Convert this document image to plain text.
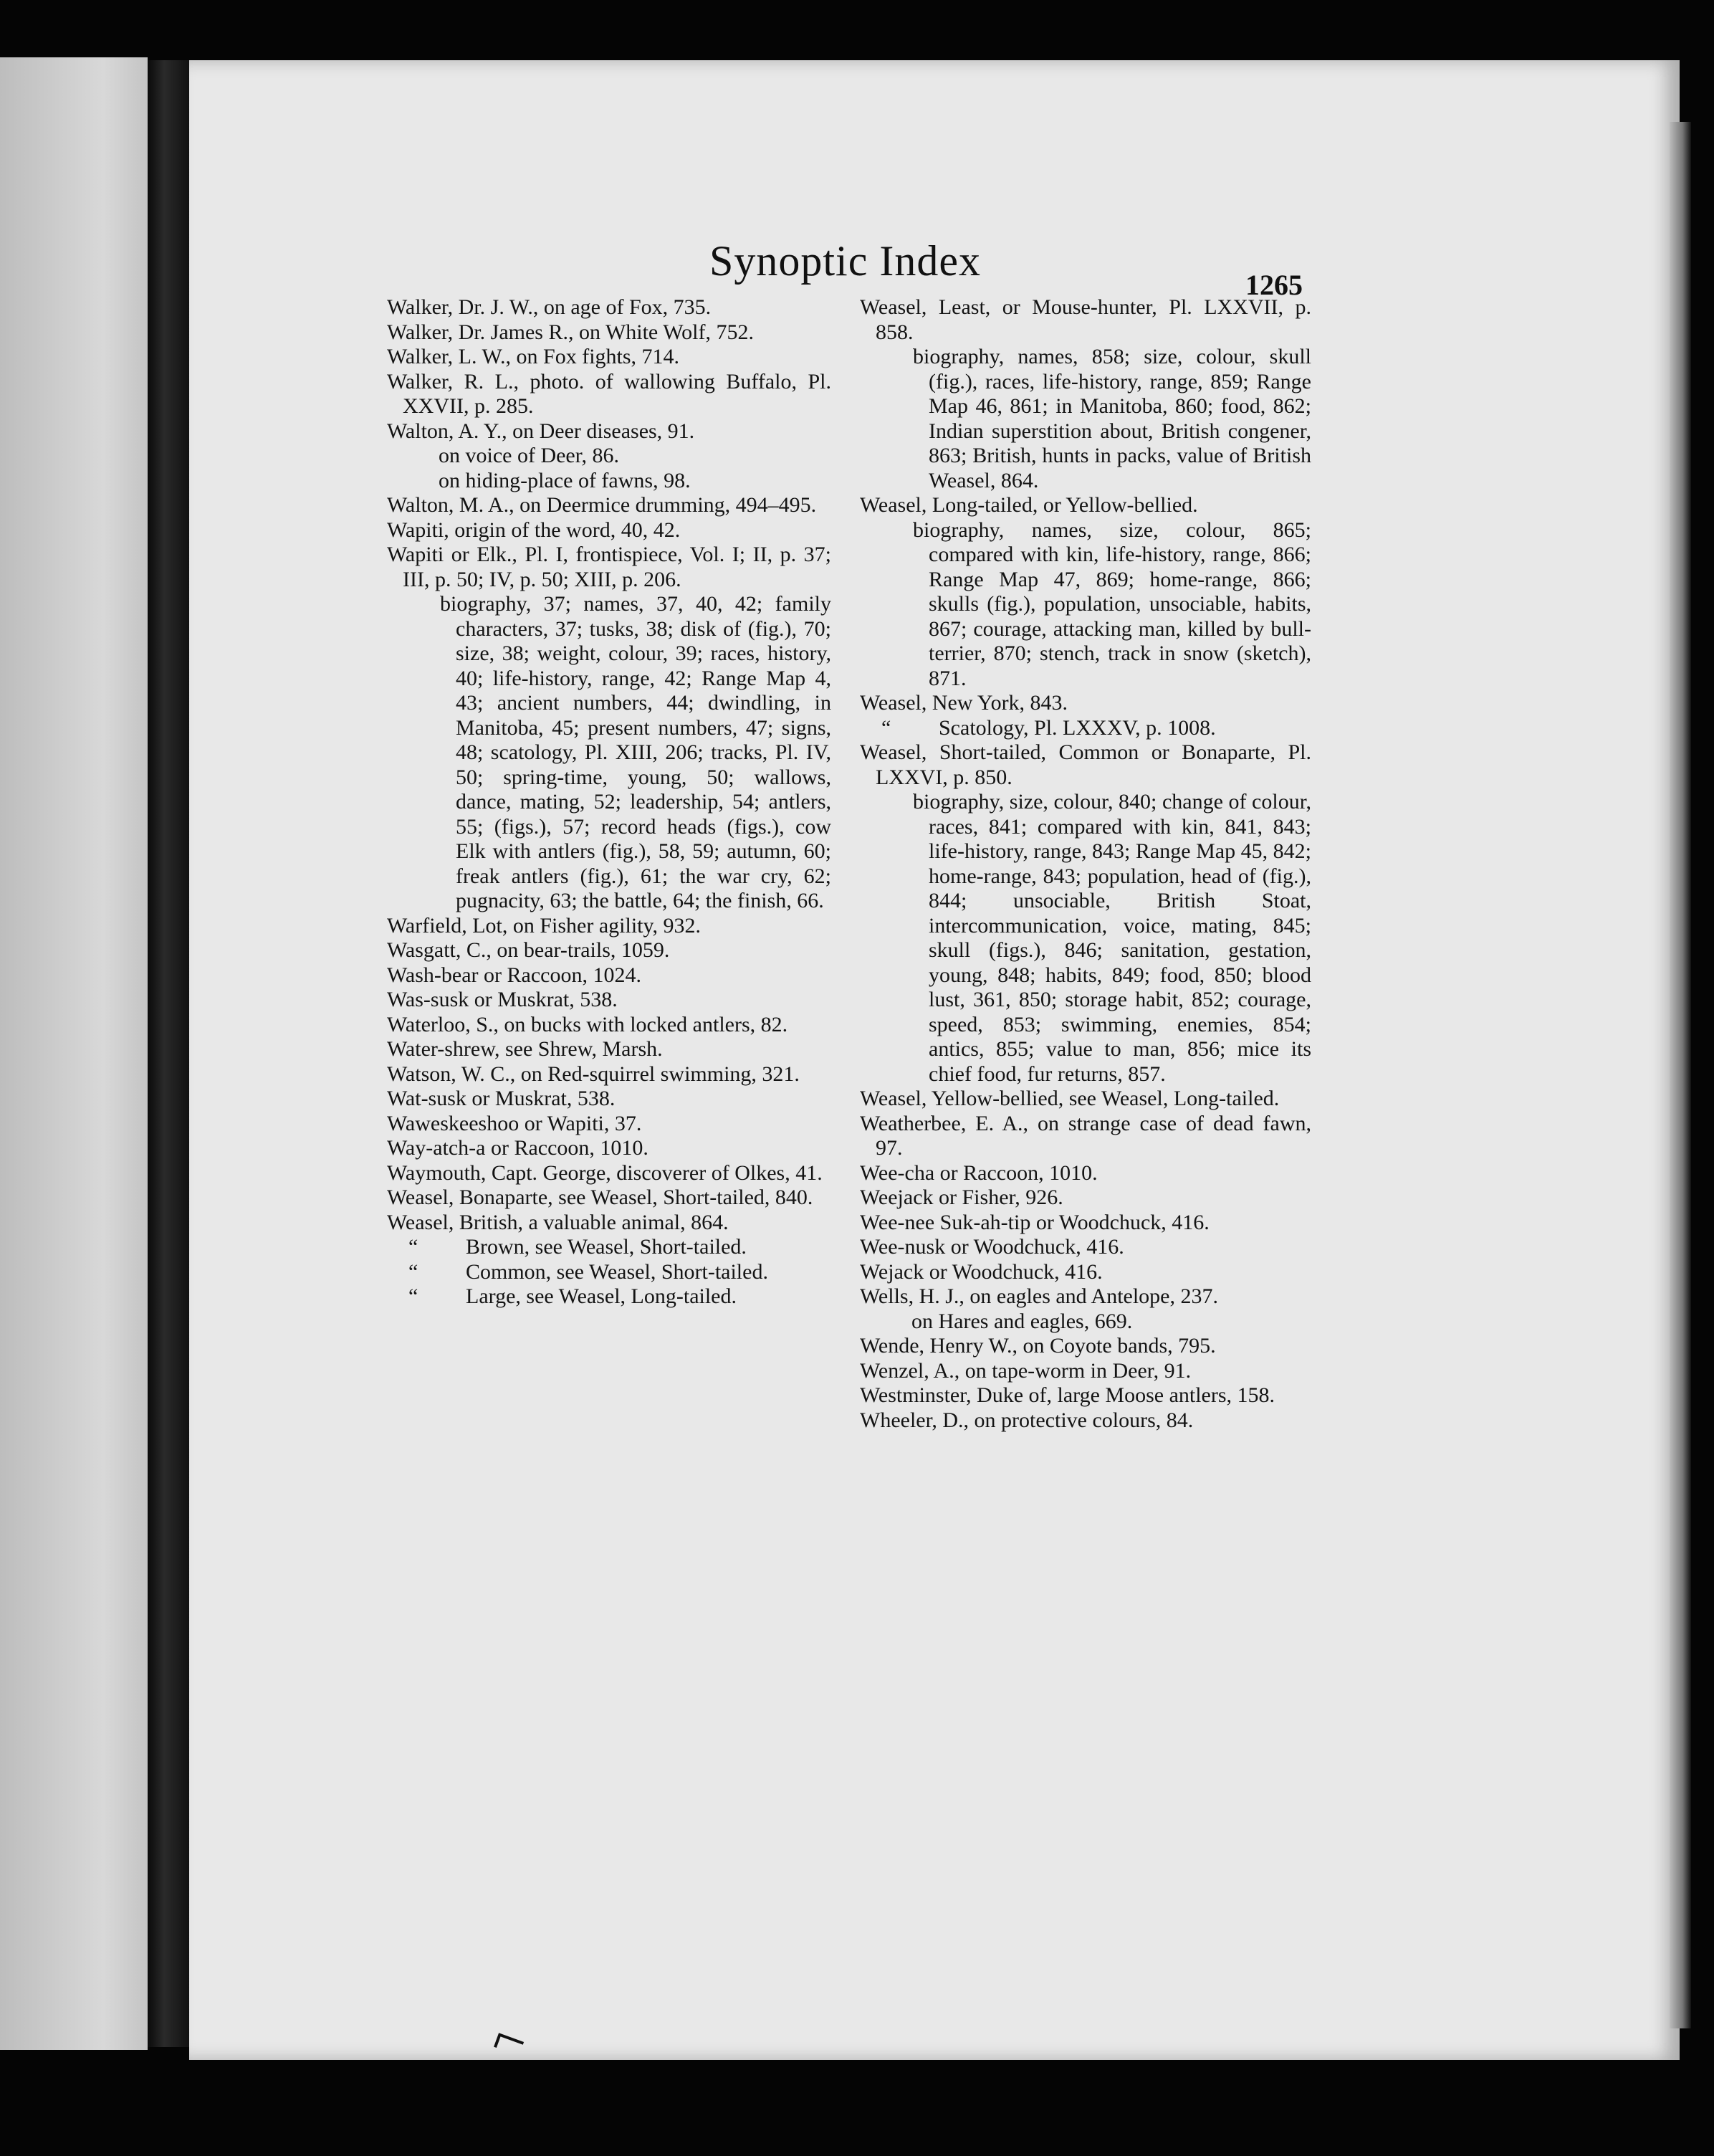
Synoptic Index
1265

Walker, Dr. J. W., on age of Fox, 735.

Walker, Dr. James R., on White Wolf, 752.

Walker, L. W., on Fox fights, 714.

Walker, R. L., photo. of wallowing Buffalo, Pl. XXVII, p. 285.

Walton, A. Y., on Deer diseases, 91.

on voice of Deer, 86.

on hiding-place of fawns, 98.

Walton, M. A., on Deermice drumming, 494–495.

Wapiti, origin of the word, 40, 42.

Wapiti or Elk., Pl. I, frontispiece, Vol. I; II, p. 37; III, p. 50; IV, p. 50; XIII, p. 206.

biography, 37; names, 37, 40, 42; family characters, 37; tusks, 38; disk of (fig.), 70; size, 38; weight, colour, 39; races, history, 40; life-history, range, 42; Range Map 4, 43; ancient numbers, 44; dwindling, in Manitoba, 45; present numbers, 47; signs, 48; scatology, Pl. XIII, 206; tracks, Pl. IV, 50; spring-time, young, 50; wallows, dance, mating, 52; leadership, 54; antlers, 55; (figs.), 57; record heads (figs.), cow Elk with antlers (fig.), 58, 59; autumn, 60; freak antlers (fig.), 61; the war cry, 62; pugnacity, 63; the battle, 64; the finish, 66.

Warfield, Lot, on Fisher agility, 932.

Wasgatt, C., on bear-trails, 1059.

Wash-bear or Raccoon, 1024.

Was-susk or Muskrat, 538.

Waterloo, S., on bucks with locked antlers, 82.

Water-shrew, see Shrew, Marsh.

Watson, W. C., on Red-squirrel swimming, 321.

Wat-susk or Muskrat, 538.

Waweskeeshoo or Wapiti, 37.

Way-atch-a or Raccoon, 1010.

Waymouth, Capt. George, discoverer of Olkes, 41.

Weasel, Bonaparte, see Weasel, Short-tailed, 840.

Weasel, British, a valuable animal, 864.

“ Brown, see Weasel, Short-tailed.

“ Common, see Weasel, Short-tailed.

“ Large, see Weasel, Long-tailed.

Weasel, Least, or Mouse-hunter, Pl. LXXVII, p. 858.

biography, names, 858; size, colour, skull (fig.), races, life-history, range, 859; Range Map 46, 861; in Manitoba, 860; food, 862; Indian superstition about, British congener, 863; British, hunts in packs, value of British Weasel, 864.

Weasel, Long-tailed, or Yellow-bellied.

biography, names, size, colour, 865; compared with kin, life-history, range, 866; Range Map 47, 869; home-range, 866; skulls (fig.), population, unsociable, habits, 867; courage, attacking man, killed by bull-terrier, 870; stench, track in snow (sketch), 871.

Weasel, New York, 843.

“ Scatology, Pl. LXXXV, p. 1008.

Weasel, Short-tailed, Common or Bonaparte, Pl. LXXVI, p. 850.

biography, size, colour, 840; change of colour, races, 841; compared with kin, 841, 843; life-history, range, 843; Range Map 45, 842; home-range, 843; population, head of (fig.), 844; unsociable, British Stoat, intercommunication, voice, mating, 845; skull (figs.), 846; sanitation, gestation, young, 848; habits, 849; food, 850; blood lust, 361, 850; storage habit, 852; courage, speed, 853; swimming, enemies, 854; antics, 855; value to man, 856; mice its chief food, fur returns, 857.

Weasel, Yellow-bellied, see Weasel, Long-tailed.

Weatherbee, E. A., on strange case of dead fawn, 97.

Wee-cha or Raccoon, 1010.

Weejack or Fisher, 926.

Wee-nee Suk-ah-tip or Woodchuck, 416.

Wee-nusk or Woodchuck, 416.

Wejack or Woodchuck, 416.

Wells, H. J., on eagles and Antelope, 237.

on Hares and eagles, 669.

Wende, Henry W., on Coyote bands, 795.

Wenzel, A., on tape-worm in Deer, 91.

Westminster, Duke of, large Moose antlers, 158.

Wheeler, D., on protective colours, 84.

⌐
